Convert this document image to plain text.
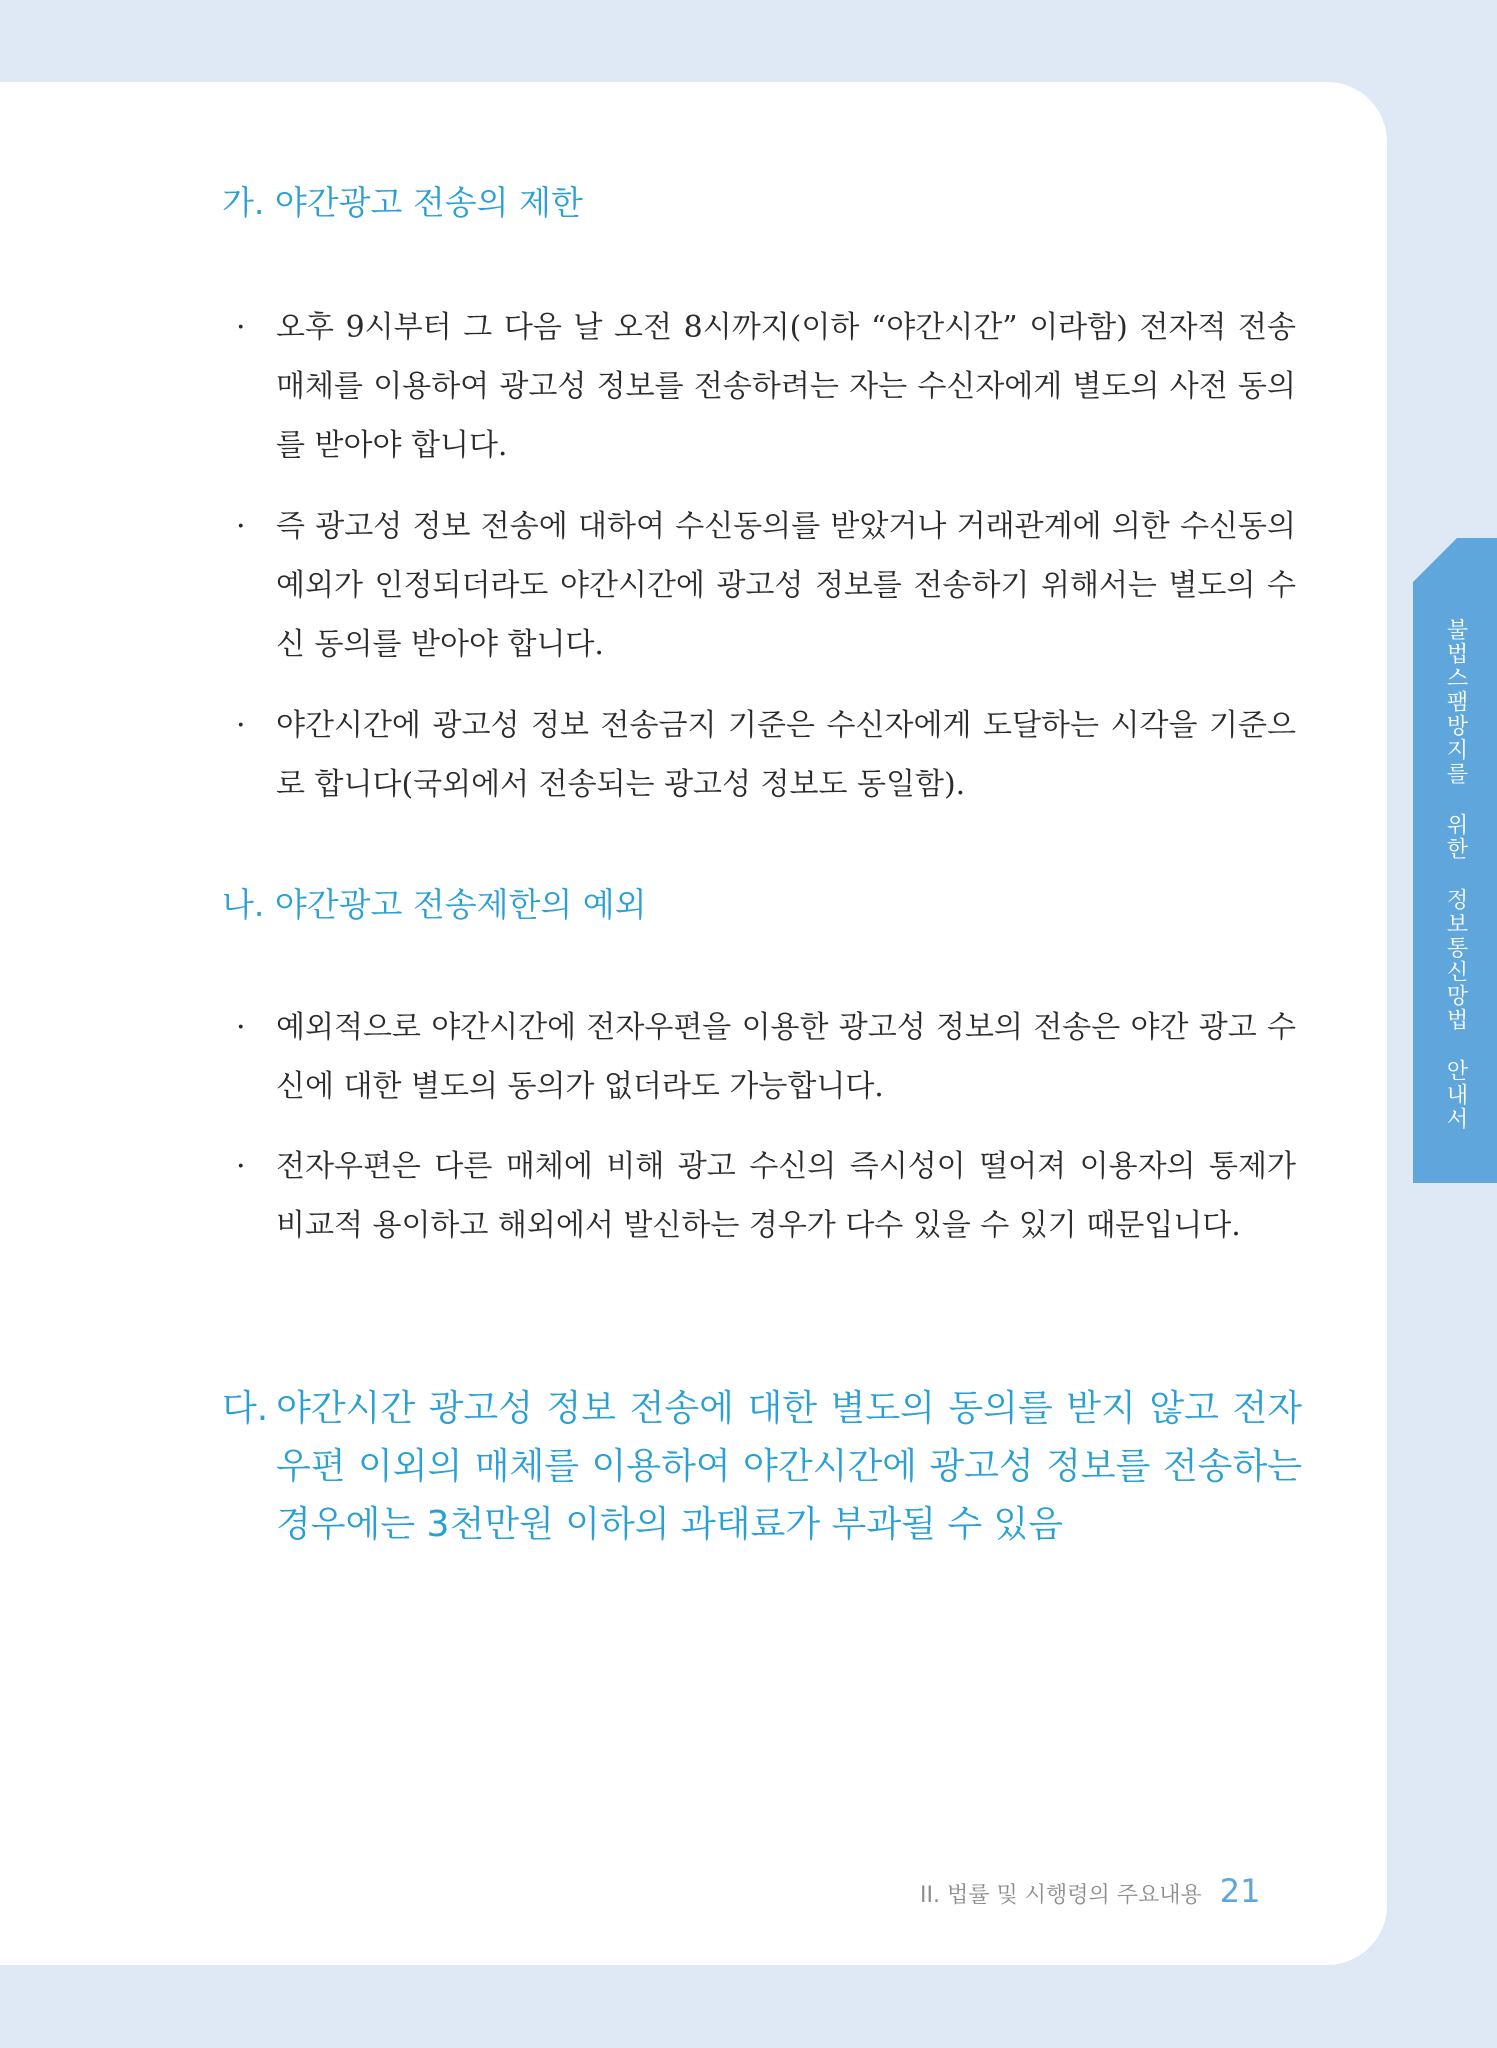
불법스팸방지를 위한 정보통신망법 안내서
가. 야간광고 전송의 제한
· 오후 9시부터 그 다음 날 오전 8시까지(이하 “야간시간” 이라함) 전자적 전송매체를 이용하여 광고성 정보를 전송하려는 자는 수신자에게 별도의 사전 동의를 받아야 합니다.
· 즉 광고성 정보 전송에 대하여 수신동의를 받았거나 거래관계에 의한 수신동의 예외가 인정되더라도 야간시간에 광고성 정보를 전송하기 위해서는 별도의 수신 동의를 받아야 합니다.
· 야간시간에 광고성 정보 전송금지 기준은 수신자에게 도달하는 시각을 기준으로 합니다(국외에서 전송되는 광고성 정보도 동일함).
나. 야간광고 전송제한의 예외
· 예외적으로 야간시간에 전자우편을 이용한 광고성 정보의 전송은 야간 광고 수신에 대한 별도의 동의가 없더라도 가능합니다.
· 전자우편은 다른 매체에 비해 광고 수신의 즉시성이 떨어져 이용자의 통제가 비교적 용이하고 해외에서 발신하는 경우가 다수 있을 수 있기 때문입니다.
다. 야간시간 광고성 정보 전송에 대한 별도의 동의를 받지 않고 전자우편 이외의 매체를 이용하여 야간시간에 광고성 정보를 전송하는 경우에는 3천만원 이하의 과태료가 부과될 수 있음
II. 법률 및 시행령의 주요내용 21
